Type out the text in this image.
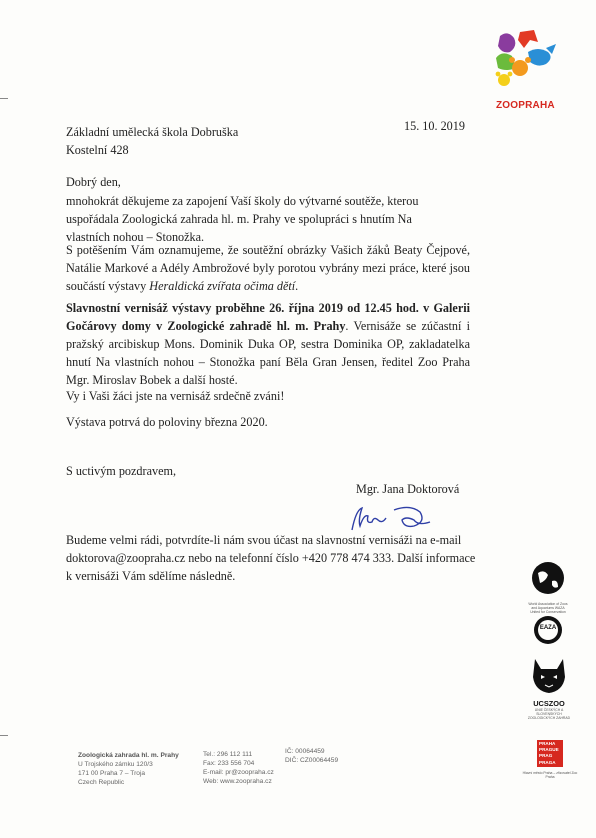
ZOOPRAHA
Základní umělecká škola Dobruška
Kostelní 428
15. 10. 2019
Dobrý den,
mnohokrát děkujeme za zapojení Vaší školy do výtvarné soutěže, kterou uspořádala Zoologická zahrada hl. m. Prahy ve spolupráci s hnutím Na vlastních nohou – Stonožka.
S potěšením Vám oznamujeme, že soutěžní obrázky Vašich žáků Beaty Čejpové, Natálie Markové a Adély Ambrožové byly porotou vybrány mezi práce, které jsou součástí výstavy Heraldická zvířata očima dětí.
Slavnostní vernisáž výstavy proběhne 26. října 2019 od 12.45 hod. v Galerii Gočárovy domy v Zoologické zahradě hl. m. Prahy. Vernisáže se zúčastní i pražský arcibiskup Mons. Dominik Duka OP, sestra Dominika OP, zakladatelka hnutí Na vlastních nohou – Stonožka paní Běla Gran Jensen, ředitel Zoo Praha Mgr. Miroslav Bobek a další hosté.
Vy i Vaši žáci jste na vernisáž srdečně zváni!
Výstava potrvá do poloviny března 2020.
S uctivým pozdravem,
Mgr. Jana Doktorová
Budeme velmi rádi, potvrdíte-li nám svou účast na slavnostní vernisáži na e-mail doktorova@zoopraha.cz nebo na telefonní číslo +420 778 474 333. Další informace k vernisáži Vám sdělíme následně.
World Association of Zoos and Aquariums WAZA United for Conservation
EAZA
UCSZOO
UNIE ČESKÝCH A SLOVENSKÝCH ZOOLOGICKÝCH ZAHRAD
Zoologická zahrada hl. m. Prahy
U Trojského zámku 120/3
171 00 Praha 7 – Troja
Czech Republic
Tel.: 296 112 111
Fax: 233 556 704
E-mail: pr@zoopraha.cz
Web: www.zoopraha.cz
IČ: 00064459
DIČ: CZ00064459
PRAHA
PRAGUE
PRAG
PRAGA
Hlavní město Praha – zřizovatel Zoo Praha
